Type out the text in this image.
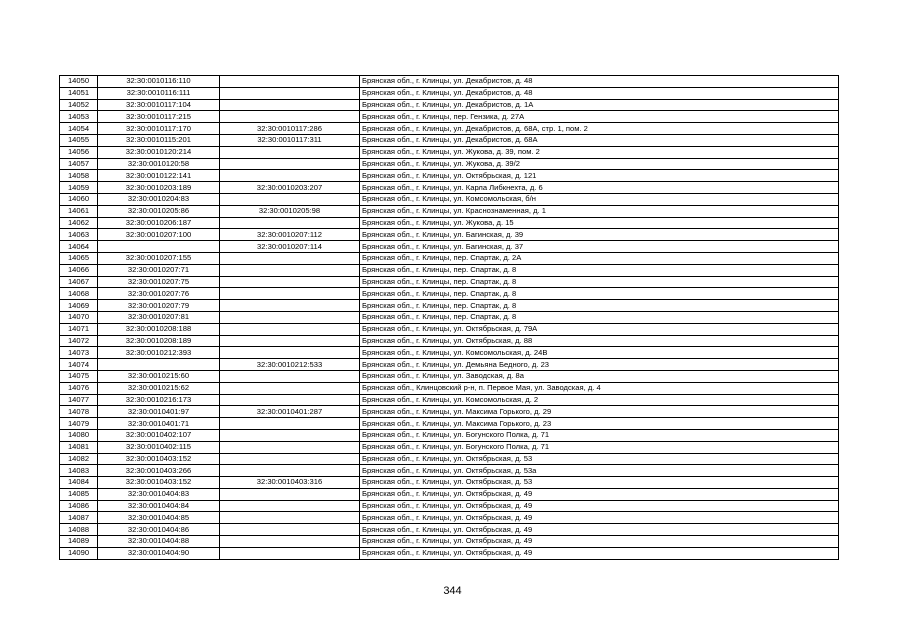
14050	32:30:0010116:110		Брянская обл., г. Клинцы, ул. Декабристов, д. 48
14051	32:30:0010116:111		Брянская обл., г. Клинцы, ул. Декабристов, д. 48
14052	32:30:0010117:104		Брянская обл., г. Клинцы, ул. Декабристов, д. 1А
14053	32:30:0010117:215		Брянская обл., г. Клинцы, пер. Гензика, д. 27А
14054	32:30:0010117:170	32:30:0010117:286	Брянская обл., г. Клинцы, ул. Декабристов, д. 68А, стр. 1, пом. 2
14055	32:30:0010115:201	32:30:0010117:311	Брянская обл., г. Клинцы, ул. Декабристов, д. 68А
14056	32:30:0010120:214		Брянская обл., г. Клинцы, ул. Жукова, д. 39, пом. 2
14057	32:30:0010120:58		Брянская обл., г. Клинцы, ул. Жукова, д. 39/2
14058	32:30:0010122:141		Брянская обл., г. Клинцы, ул. Октябрьская, д. 121
14059	32:30:0010203:189	32:30:0010203:207	Брянская обл., г. Клинцы, ул. Карла Либкнехта, д. 6
14060	32:30:0010204:83		Брянская обл., г. Клинцы, ул. Комсомольская, б/н
14061	32:30:0010205:86	32:30:0010205:98	Брянская обл., г. Клинцы, ул. Краснознаменная, д. 1
14062	32:30:0010206:187		Брянская обл., г. Клинцы, ул. Жукова, д. 15
14063	32:30:0010207:100	32:30:0010207:112	Брянская обл., г. Клинцы, ул. Багинская, д. 39
14064		32:30:0010207:114	Брянская обл., г. Клинцы, ул. Багинская, д. 37
14065	32:30:0010207:155		Брянская обл., г. Клинцы, пер. Спартак, д. 2А
14066	32:30:0010207:71		Брянская обл., г. Клинцы, пер. Спартак, д. 8
14067	32:30:0010207:75		Брянская обл., г. Клинцы, пер. Спартак, д. 8
14068	32:30:0010207:76		Брянская обл., г. Клинцы, пер. Спартак, д. 8
14069	32:30:0010207:79		Брянская обл., г. Клинцы, пер. Спартак, д. 8
14070	32:30:0010207:81		Брянская обл., г. Клинцы, пер. Спартак, д. 8
14071	32:30:0010208:188		Брянская обл., г. Клинцы, ул. Октябрьская, д. 79А
14072	32:30:0010208:189		Брянская обл., г. Клинцы, ул. Октябрьская, д. 88
14073	32:30:0010212:393		Брянская обл., г. Клинцы, ул. Комсомольская, д. 24В
14074		32:30:0010212:533	Брянская обл., г. Клинцы, ул. Демьяна Бедного, д. 23
14075	32:30:0010215:60		Брянская обл., г. Клинцы, ул. Заводская, д. 8а
14076	32:30:0010215:62		Брянская обл., Клинцовский р-н, п. Первое Мая, ул. Заводская, д. 4
14077	32:30:0010216:173		Брянская обл., г. Клинцы, ул. Комсомольская, д. 2
14078	32:30:0010401:97	32:30:0010401:287	Брянская обл., г. Клинцы, ул. Максима Горького, д. 29
14079	32:30:0010401:71		Брянская обл., г. Клинцы, ул. Максима Горького, д. 23
14080	32:30:0010402:107		Брянская обл., г. Клинцы, ул. Богунского Полка, д. 71
14081	32:30:0010402:115		Брянская обл., г. Клинцы, ул. Богунского Полка, д. 71
14082	32:30:0010403:152		Брянская обл., г. Клинцы, ул. Октябрьская, д. 53
14083	32:30:0010403:266		Брянская обл., г. Клинцы, ул. Октябрьская, д. 53а
14084	32:30:0010403:152	32:30:0010403:316	Брянская обл., г. Клинцы, ул. Октябрьская, д. 53
14085	32:30:0010404:83		Брянская обл., г. Клинцы, ул. Октябрьская, д. 49
14086	32:30:0010404:84		Брянская обл., г. Клинцы, ул. Октябрьская, д. 49
14087	32:30:0010404:85		Брянская обл., г. Клинцы, ул. Октябрьская, д. 49
14088	32:30:0010404:86		Брянская обл., г. Клинцы, ул. Октябрьская, д. 49
14089	32:30:0010404:88		Брянская обл., г. Клинцы, ул. Октябрьская, д. 49
14090	32:30:0010404:90		Брянская обл., г. Клинцы, ул. Октябрьская, д. 49
344
